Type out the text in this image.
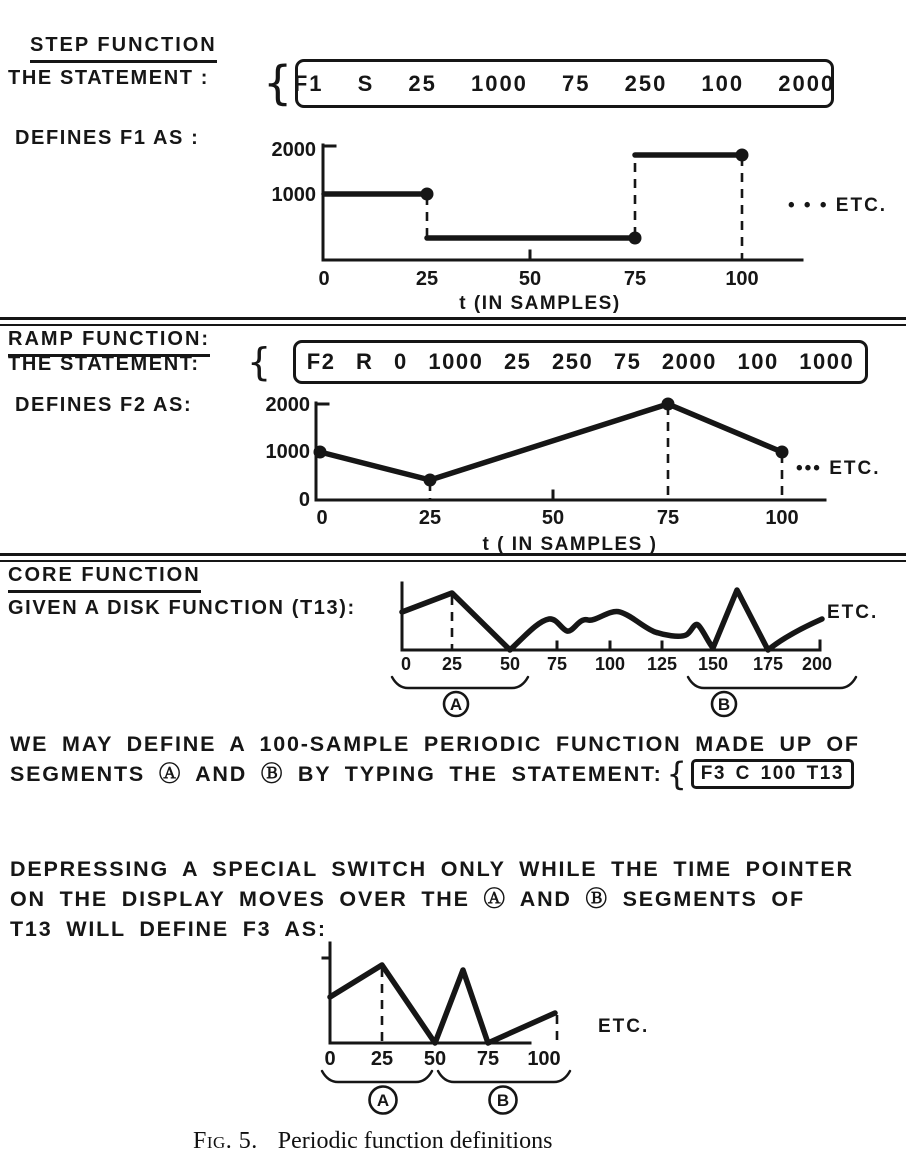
STEP FUNCTION
THE STATEMENT : { F1 S 25 1000 75 250 100 2000
DEFINES F1 AS :
2000
1000
0	25	50	75	100
• • • ETC.
t (IN SAMPLES)
RAMP FUNCTION:
THE STATEMENT: { F2 R 0 1000 25 250 75 2000 100 1000
DEFINES F2 AS:	2000
1000
0
0	25	50	75	100
••• ETC.
t ( IN SAMPLES )
CORE FUNCTION
GIVEN A DISK FUNCTION (T13):
0 25 50 75 100 125 150 175 200
A	B
ETC.
WE MAY DEFINE A 100-SAMPLE PERIODIC FUNCTION MADE UP OF
SEGMENTS Ⓐ AND Ⓑ BY TYPING THE STATEMENT: { F3 C 100 T13
DEPRESSING A SPECIAL SWITCH ONLY WHILE THE TIME POINTER
ON THE DISPLAY MOVES OVER THE Ⓐ AND Ⓑ SEGMENTS OF
T13 WILL DEFINE F3 AS:
0 25 50 75 100
A	B
ETC.
Fig. 5. Periodic function definitions
